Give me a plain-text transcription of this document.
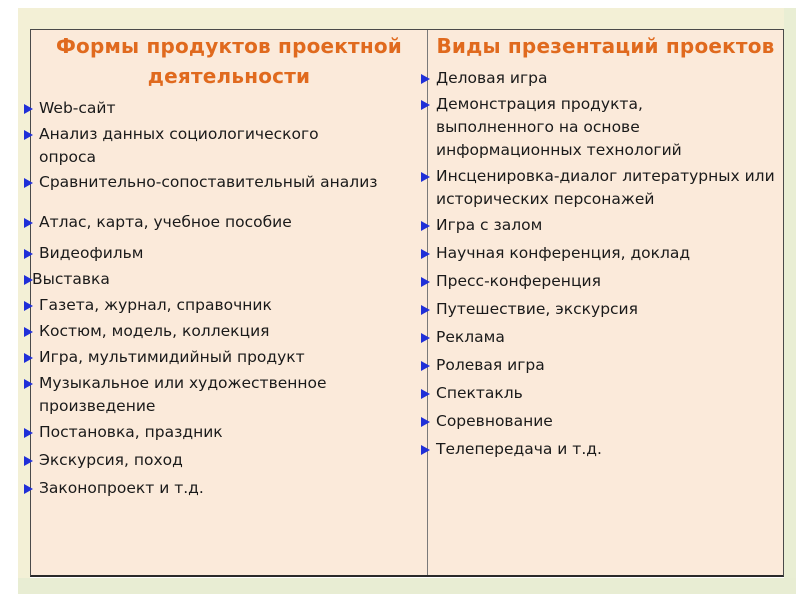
Формы продуктов проектной деятельности
Web-сайт
Анализ данных социологического опроса
Сравнительно-сопоставительный анализ
Атлас, карта, учебное пособие
Видеофильм
Выставка
Газета, журнал, справочник
Костюм, модель, коллекция
Игра, мультимидийный продукт
Музыкальное или художественное произведение
Постановка, праздник
Экскурсия, поход
Законопроект и т.д.
Виды презентаций проектов
Деловая игра
Демонстрация продукта, выполненного на основе информационных технологий
Инсценировка-диалог литературных или исторических персонажей
Игра с залом
Научная конференция, доклад
Пресс-конференция
Путешествие, экскурсия
Реклама
Ролевая игра
Спектакль
Соревнование
Телепередача и т.д.
